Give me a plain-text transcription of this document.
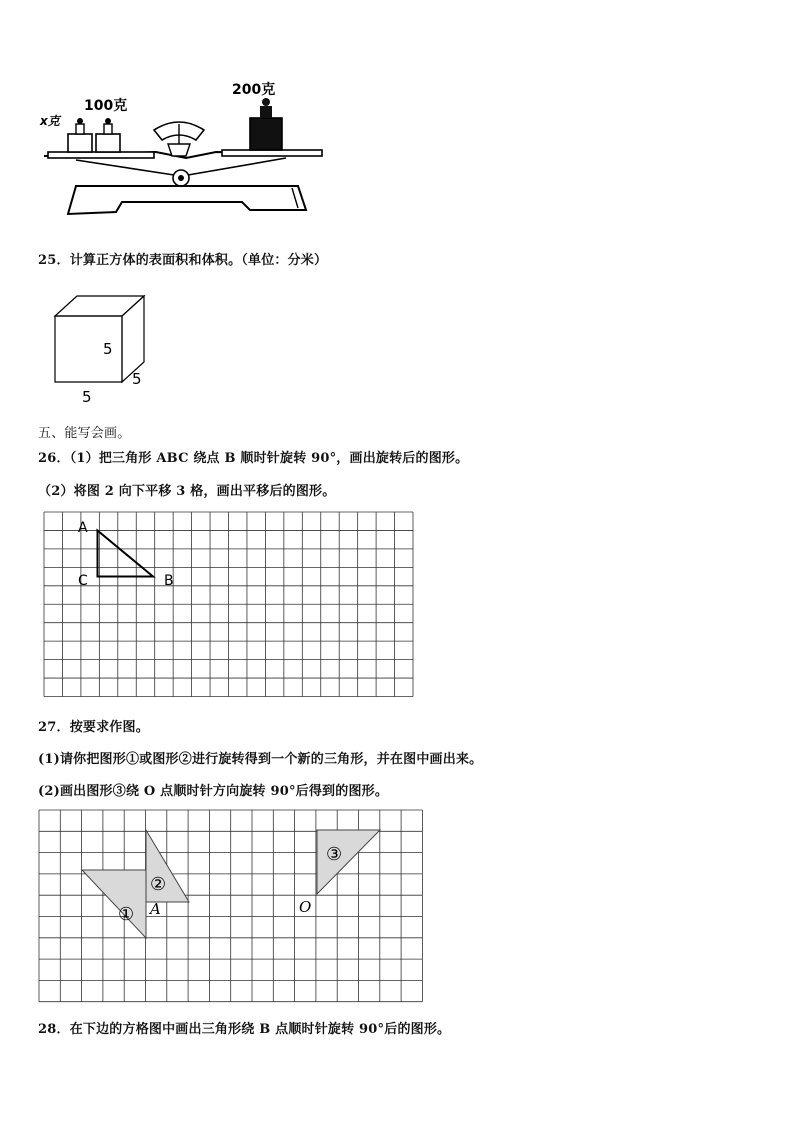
x克
100克
200克
25．计算正方体的表面积和体积。（单位：分米）
5
5
5
五、能写会画。
26．（1）把三角形 ABC 绕点 B 顺时针旋转 90°，画出旋转后的图形。
（2）将图 2 向下平移 3 格，画出平移后的图形。
A
C	B
27．按要求作图。
(1)请你把图形①或图形②进行旋转得到一个新的三角形，并在图中画出来。
(2)画出图形③绕 O 点顺时针方向旋转 90°后得到的图形。
①
②
③
A	O
28．在下边的方格图中画出三角形绕 B 点顺时针旋转 90°后的图形。
